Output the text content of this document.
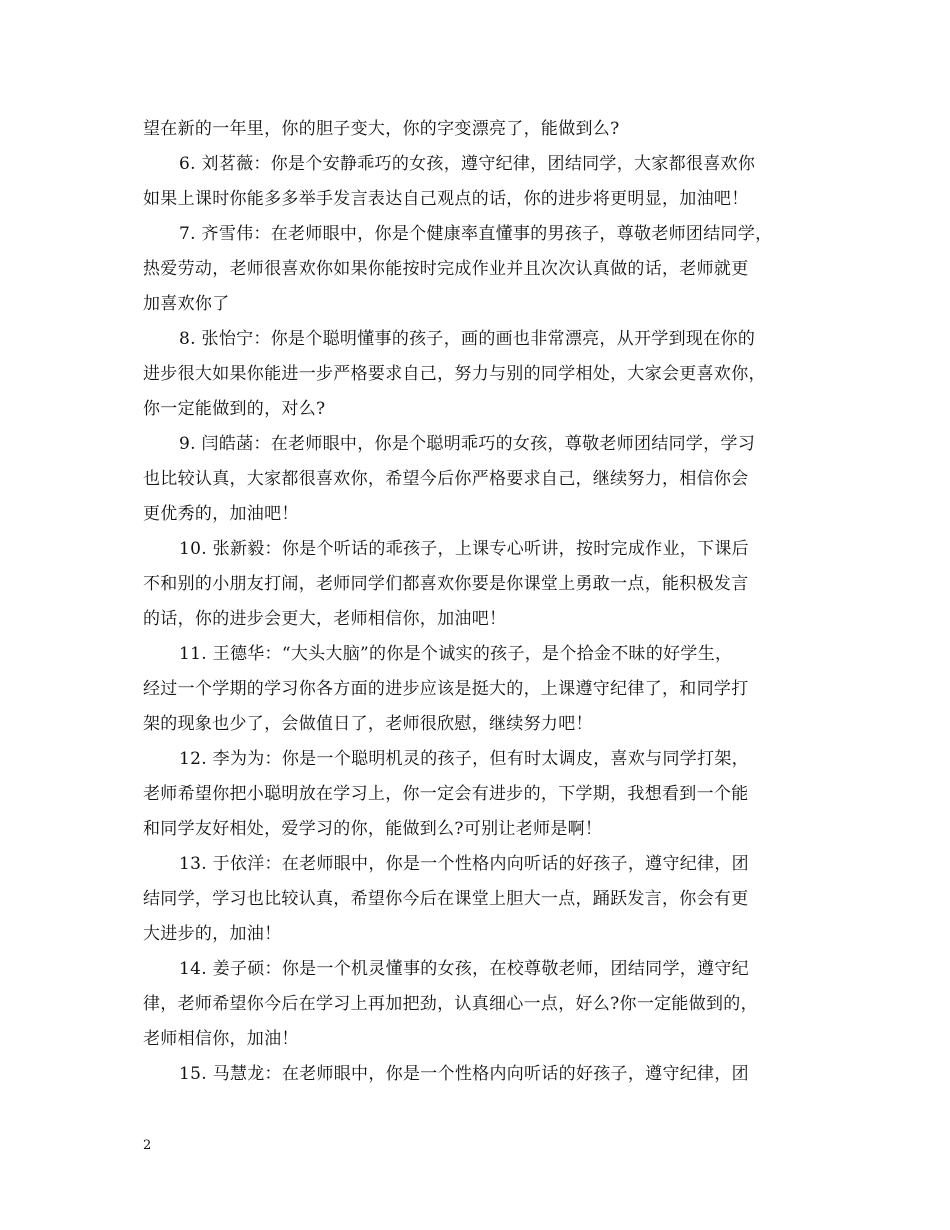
望在新的一年里，你的胆子变大，你的字变漂亮了，能做到么?
6. 刘茗薇：你是个安静乖巧的女孩，遵守纪律，团结同学，大家都很喜欢你
如果上课时你能多多举手发言表达自己观点的话，你的进步将更明显，加油吧！
7. 齐雪伟：在老师眼中，你是个健康率直懂事的男孩子，尊敬老师团结同学，
热爱劳动，老师很喜欢你如果你能按时完成作业并且次次认真做的话，老师就更
加喜欢你了
8. 张怡宁：你是个聪明懂事的孩子，画的画也非常漂亮，从开学到现在你的
进步很大如果你能进一步严格要求自己，努力与别的同学相处，大家会更喜欢你，
你一定能做到的，对么?
9. 闫皓菡：在老师眼中，你是个聪明乖巧的女孩，尊敬老师团结同学，学习
也比较认真，大家都很喜欢你，希望今后你严格要求自己，继续努力，相信你会
更优秀的，加油吧！
10. 张新毅：你是个听话的乖孩子，上课专心听讲，按时完成作业，下课后
不和别的小朋友打闹，老师同学们都喜欢你要是你课堂上勇敢一点，能积极发言
的话，你的进步会更大，老师相信你，加油吧！
11. 王德华：“大头大脑”的你是个诚实的孩子，是个拾金不昧的好学生，
经过一个学期的学习你各方面的进步应该是挺大的，上课遵守纪律了，和同学打
架的现象也少了，会做值日了，老师很欣慰，继续努力吧！
12. 李为为：你是一个聪明机灵的孩子，但有时太调皮，喜欢与同学打架，
老师希望你把小聪明放在学习上，你一定会有进步的，下学期，我想看到一个能
和同学友好相处，爱学习的你，能做到么?可别让老师是啊！
13. 于依洋：在老师眼中，你是一个性格内向听话的好孩子，遵守纪律，团
结同学，学习也比较认真，希望你今后在课堂上胆大一点，踊跃发言，你会有更
大进步的，加油！
14. 姜子硕：你是一个机灵懂事的女孩，在校尊敬老师，团结同学，遵守纪
律，老师希望你今后在学习上再加把劲，认真细心一点，好么?你一定能做到的，
老师相信你，加油！
15. 马慧龙：在老师眼中，你是一个性格内向听话的好孩子，遵守纪律，团
2
